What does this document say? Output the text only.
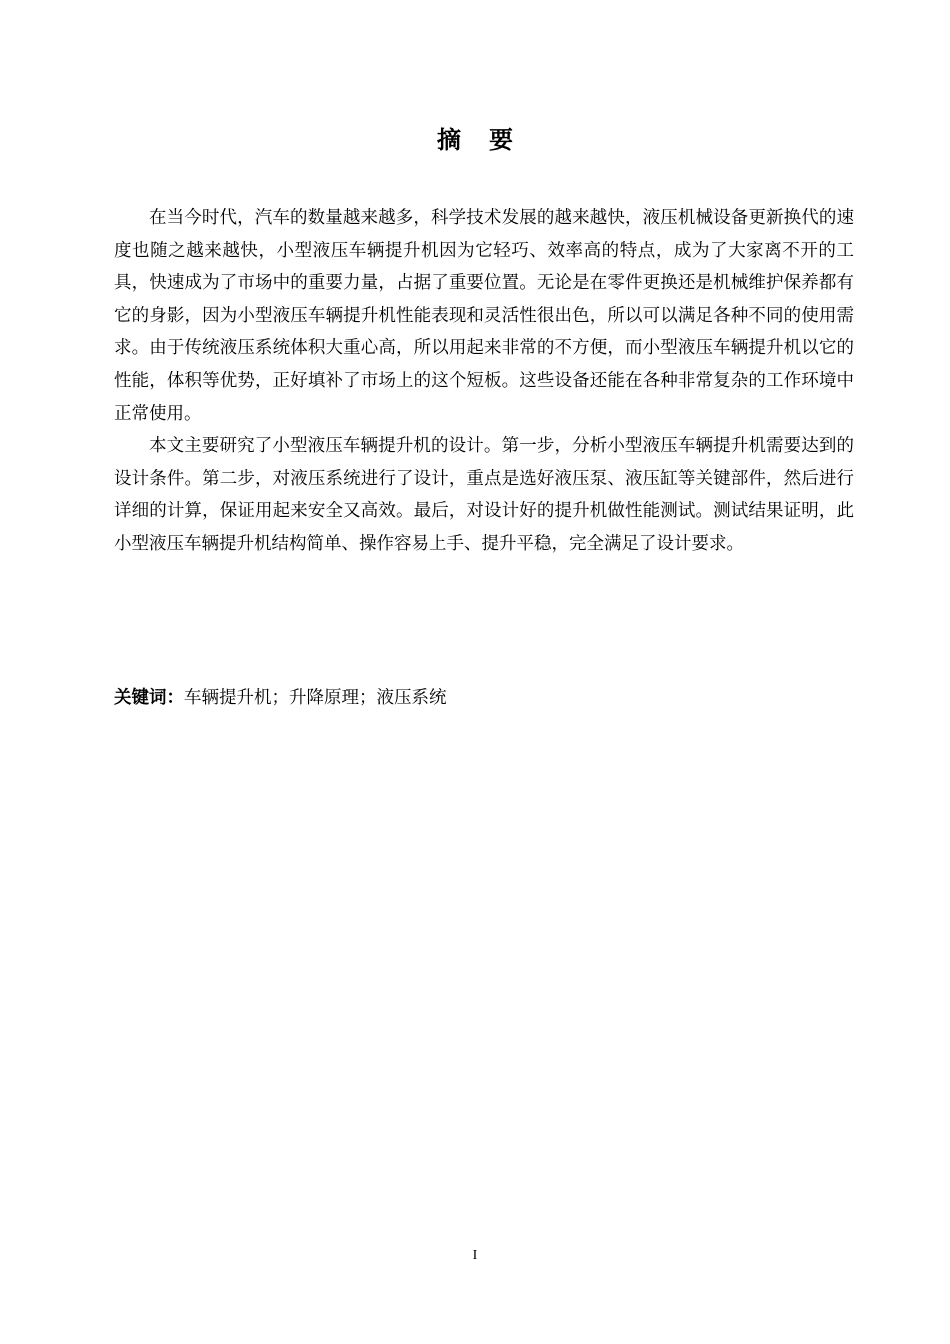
摘要

在当今时代，汽车的数量越来越多，科学技术发展的越来越快，液压机械设备更新换代的速度也随之越来越快，小型液压车辆提升机因为它轻巧、效率高的特点，成为了大家离不开的工具，快速成为了市场中的重要力量，占据了重要位置。无论是在零件更换还是机械维护保养都有它的身影，因为小型液压车辆提升机性能表现和灵活性很出色，所以可以满足各种不同的使用需求。由于传统液压系统体积大重心高，所以用起来非常的不方便，而小型液压车辆提升机以它的性能，体积等优势，正好填补了市场上的这个短板。这些设备还能在各种非常复杂的工作环境中正常使用。

本文主要研究了小型液压车辆提升机的设计。第一步，分析小型液压车辆提升机需要达到的设计条件。第二步，对液压系统进行了设计，重点是选好液压泵、液压缸等关键部件，然后进行详细的计算，保证用起来安全又高效。最后，对设计好的提升机做性能测试。测试结果证明，此小型液压车辆提升机结构简单、操作容易上手、提升平稳，完全满足了设计要求。

关键词：车辆提升机；升降原理；液压系统
I
